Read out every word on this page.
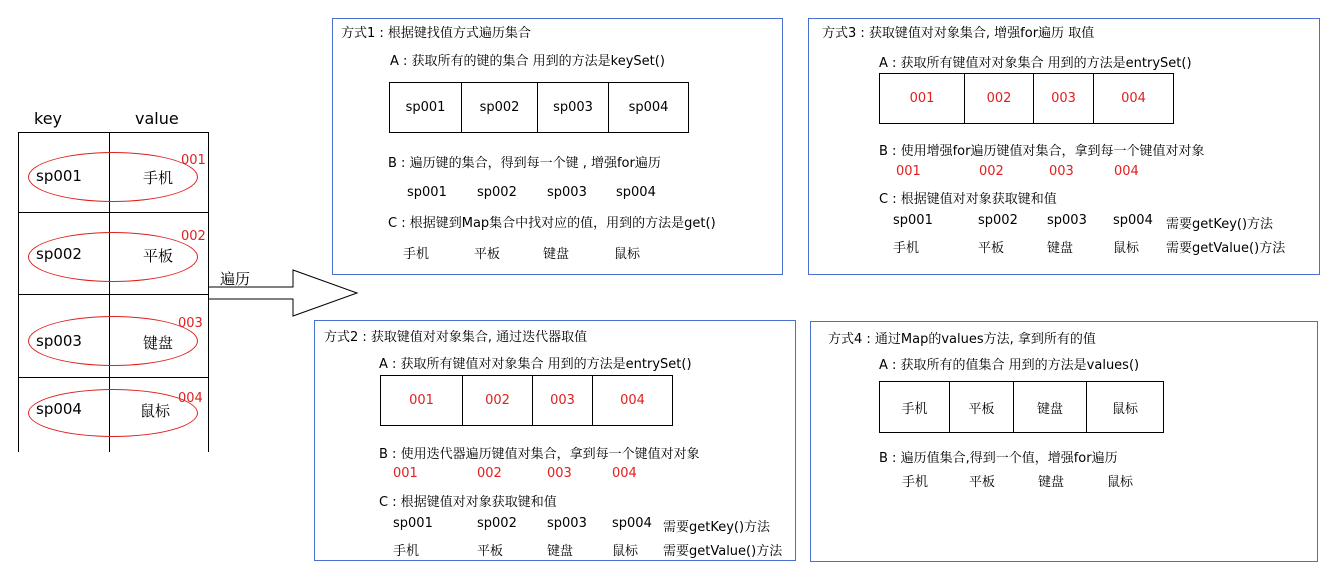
key	value
sp001	手机
001
sp002	平板
002
sp003	键盘
003
sp004	鼠标
004
遍历
方式1 : 根据键找值方式遍历集合
A : 获取所有的键的集合 用到的方法是keySet()
sp001	sp002	sp003	sp004
B : 遍历键的集合，得到每一个键 , 增强for遍历
sp001 sp002 sp003 sp004
C : 根据键到Map集合中找对应的值，用到的方法是get()
手机	平板	键盘	鼠标
方式2 : 获取键值对对象集合, 通过迭代器取值
A : 获取所有键值对对象集合 用到的方法是entrySet()
001	002	003	004
B : 使用迭代器遍历键值对集合，拿到每一个键值对对象
001	002	003	004
C : 根据键值对对象获取键和值
sp001	sp002 sp003 sp004 需要getKey()方法
手机	平板	键盘	鼠标 需要getValue()方法
方式3 : 获取键值对对象集合, 增强for遍历 取值
A : 获取所有键值对对象集合 用到的方法是entrySet()
001	002	003	004
B : 使用增强for遍历键值对集合，拿到每一个键值对对象
001	002	003	004
C : 根据键值对对象获取键和值
sp001	sp002 sp003 sp004 需要getKey()方法
手机	平板	键盘	鼠标 需要getValue()方法
方式4 : 通过Map的values方法, 拿到所有的值
A : 获取所有的值集合 用到的方法是values()
手机	平板	键盘	鼠标
B : 遍历值集合,得到一个值，增强for遍历
手机	平板	键盘	鼠标
